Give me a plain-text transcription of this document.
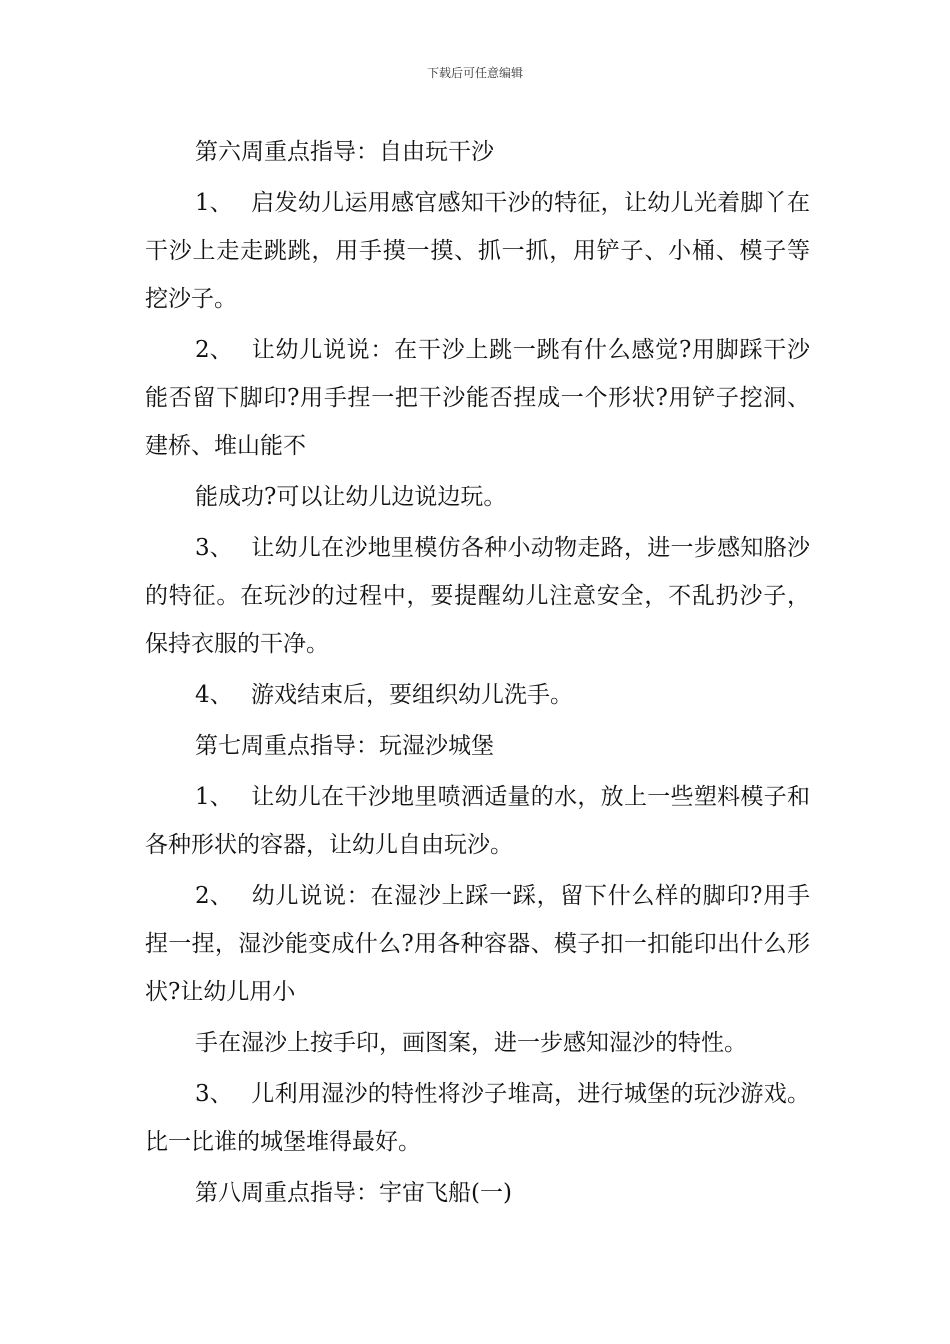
下载后可任意编辑

第六周重点指导：自由玩干沙

1、 启发幼儿运用感官感知干沙的特征，让幼儿光着脚丫在干沙上走走跳跳，用手摸一摸、抓一抓，用铲子、小桶、模子等挖沙子。

2、 让幼儿说说：在干沙上跳一跳有什么感觉?用脚踩干沙能否留下脚印?用手捏一把干沙能否捏成一个形状?用铲子挖洞、建桥、堆山能不

能成功?可以让幼儿边说边玩。

3、 让幼儿在沙地里模仿各种小动物走路，进一步感知胳沙的特征。在玩沙的过程中，要提醒幼儿注意安全，不乱扔沙子，保持衣服的干净。

4、 游戏结束后，要组织幼儿洗手。

第七周重点指导：玩湿沙城堡

1、 让幼儿在干沙地里喷洒适量的水，放上一些塑料模子和各种形状的容器，让幼儿自由玩沙。

2、 幼儿说说：在湿沙上踩一踩，留下什么样的脚印?用手捏一捏，湿沙能变成什么?用各种容器、模子扣一扣能印出什么形状?让幼儿用小

手在湿沙上按手印，画图案，进一步感知湿沙的特性。

3、 儿利用湿沙的特性将沙子堆高，进行城堡的玩沙游戏。比一比谁的城堡堆得最好。

第八周重点指导：宇宙飞船(一)
